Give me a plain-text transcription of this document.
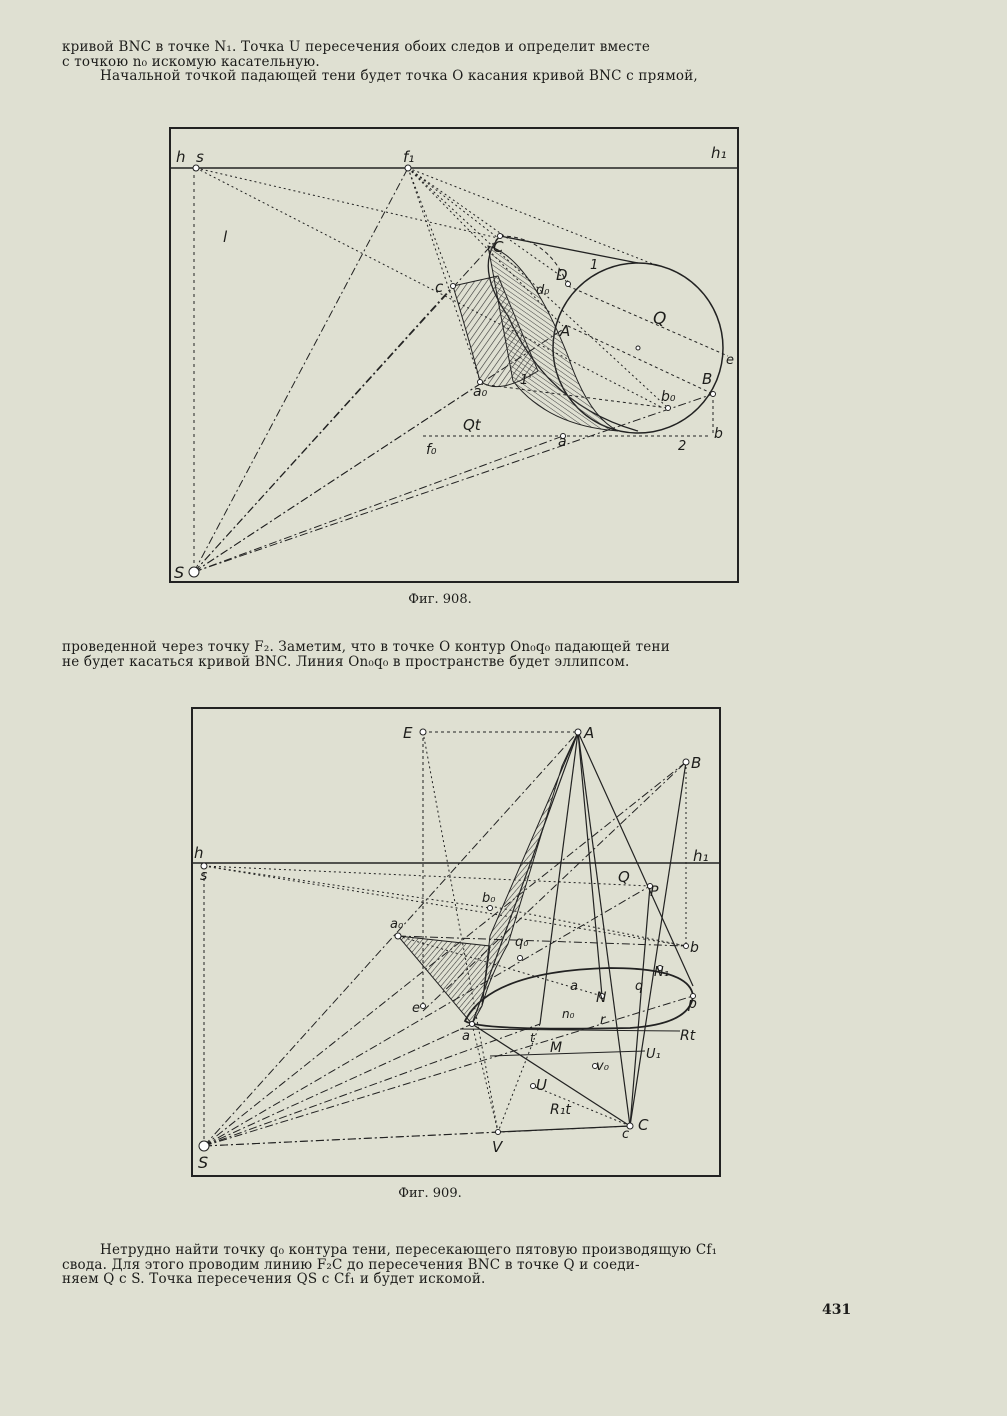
кривой BNC в точке N₁. Точка U пересечения обоих следов и определит вместе
с точкою n₀ искомую касательную.
Начальной точкой падающей тени будет точка O касания кривой BNC с прямой,
h s	f₁	h₁
l
C
c
D
d₀
1
Q
A
e
a₀
1'
b₀
B
Qt
f₀	a	2
b
S
Фиг. 908.
проведенной через точку F₂. Заметим, что в точке O контур On₀q₀ падающей тени
не будет касаться кривой BNC. Линия On₀q₀ в пространстве будет эллипсом.
E	A
B
h
s
h₁
Q
P
b₀
a₀
q₀	b
N₁
a
N	p
e
q
n₀ r
Rt
a
M	U₁
t
U
v₀
R₁t
C
c
V
S
Фиг. 909.
Нетрудно найти точку q₀ контура тени, пересекающего пятовую производящую Cf₁
свода. Для этого проводим линию F₂C до пересечения BNC в точке Q и соеди-
няем Q с S. Точка пересечения QS с Cf₁ и будет искомой.
431
